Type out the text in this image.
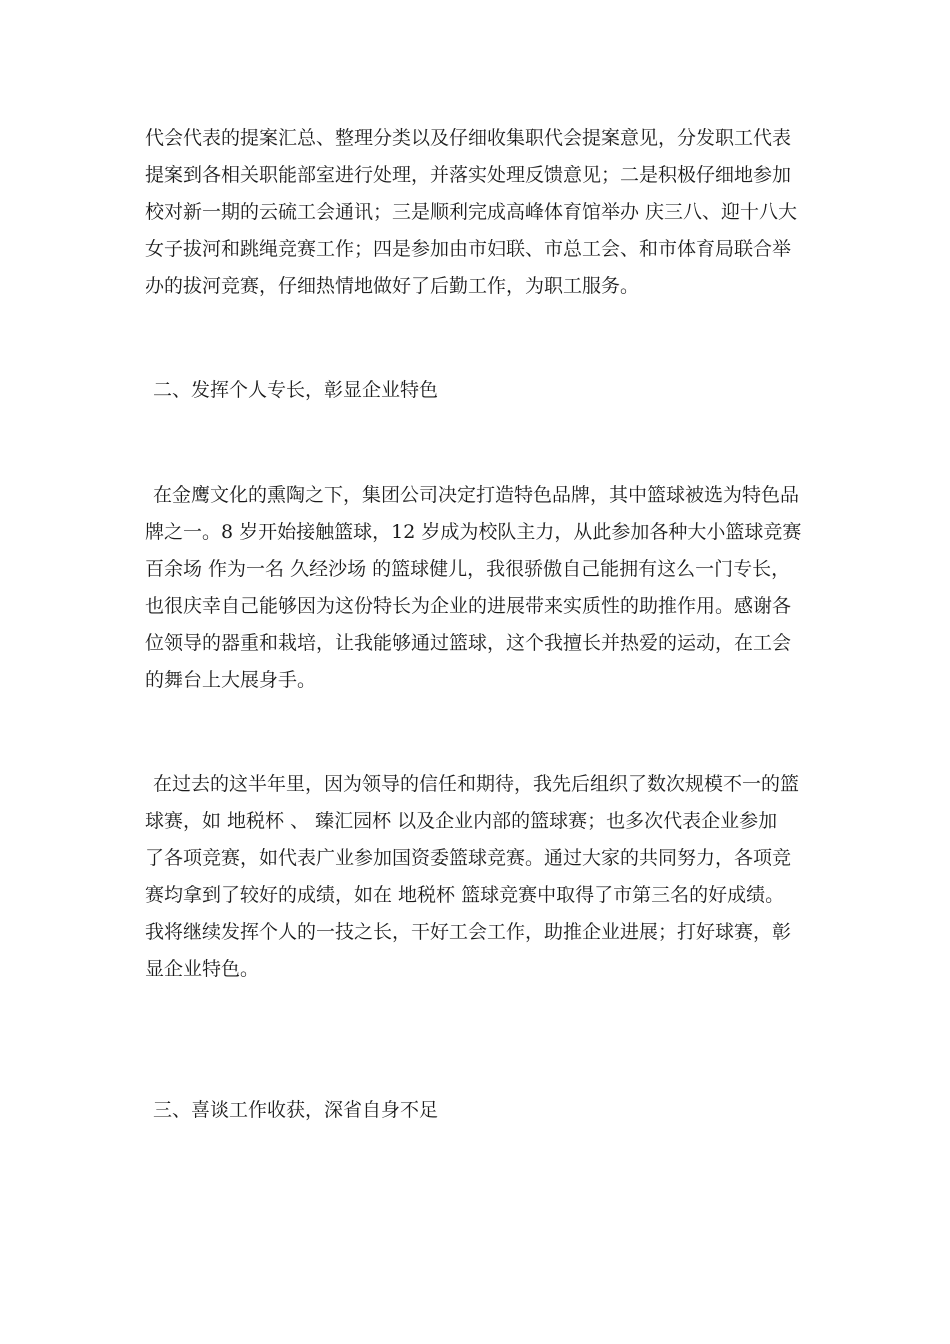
代会代表的提案汇总、整理分类以及仔细收集职代会提案意见，分发职工代表
提案到各相关职能部室进行处理，并落实处理反馈意见；二是积极仔细地参加
校对新一期的云硫工会通讯；三是顺利完成高峰体育馆举办 庆三八、迎十八大
女子拔河和跳绳竞赛工作；四是参加由市妇联、市总工会、和市体育局联合举
办的拔河竞赛，仔细热情地做好了后勤工作，为职工服务。
二、发挥个人专长，彰显企业特色
在金鹰文化的熏陶之下，集团公司决定打造特色品牌，其中篮球被选为特色品
牌之一。8 岁开始接触篮球，12 岁成为校队主力，从此参加各种大小篮球竞赛
百余场 作为一名 久经沙场 的篮球健儿，我很骄傲自己能拥有这么一门专长，
也很庆幸自己能够因为这份特长为企业的进展带来实质性的助推作用。感谢各
位领导的器重和栽培，让我能够通过篮球，这个我擅长并热爱的运动，在工会
的舞台上大展身手。
在过去的这半年里，因为领导的信任和期待，我先后组织了数次规模不一的篮
球赛，如 地税杯 、 臻汇园杯 以及企业内部的篮球赛；也多次代表企业参加
了各项竞赛，如代表广业参加国资委篮球竞赛。通过大家的共同努力，各项竞
赛均拿到了较好的成绩，如在 地税杯 篮球竞赛中取得了市第三名的好成绩。
我将继续发挥个人的一技之长，干好工会工作，助推企业进展；打好球赛，彰
显企业特色。
三、喜谈工作收获，深省自身不足
